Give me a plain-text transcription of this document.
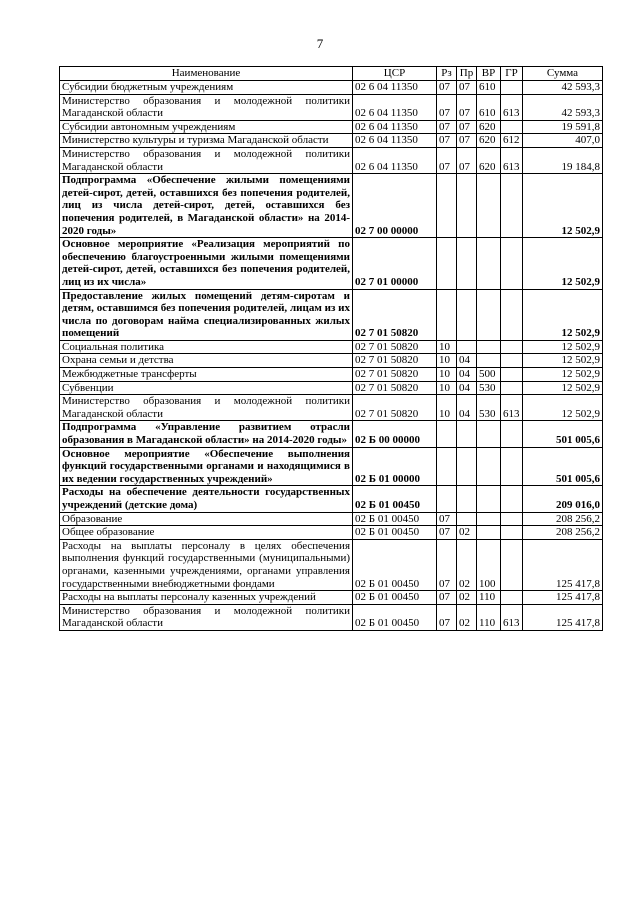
7
Наименование	ЦСР	Рз	Пр	ВР	ГР	Сумма
Субсидии бюджетным учреждениям	02 6 04 11350	07	07	610		42 593,3
Министерство образования и молодежной политики Магаданской области	02 6 04 11350	07	07	610	613	42 593,3
Субсидии автономным учреждениям	02 6 04 11350	07	07	620		19 591,8
Министерство культуры и туризма Магаданской области	02 6 04 11350	07	07	620	612	407,0
Министерство образования и молодежной политики Магаданской области	02 6 04 11350	07	07	620	613	19 184,8
Подпрограмма «Обеспечение жилыми помещениями детей-сирот, детей, оставшихся без попечения родителей, лиц из числа детей-сирот, детей, оставшихся без попечения родителей, в Магаданской области» на 2014-2020 годы»	02 7 00 00000					12 502,9
Основное мероприятие «Реализация мероприятий по обеспечению благоустроенными жилыми помещениями детей-сирот, детей, оставшихся без попечения родителей, лиц из их числа»	02 7 01 00000					12 502,9
Предоставление жилых помещений детям-сиротам и детям, оставшимся без попечения родителей, лицам из их числа по договорам найма специализированных жилых помещений	02 7 01 50820					12 502,9
Социальная политика	02 7 01 50820	10				12 502,9
Охрана семьи и детства	02 7 01 50820	10	04			12 502,9
Межбюджетные трансферты	02 7 01 50820	10	04	500		12 502,9
Субвенции	02 7 01 50820	10	04	530		12 502,9
Министерство образования и молодежной политики Магаданской области	02 7 01 50820	10	04	530	613	12 502,9
Подпрограмма «Управление развитием отрасли образования в Магаданской области» на 2014-2020 годы»	02 Б 00 00000					501 005,6
Основное мероприятие «Обеспечение выполнения функций государственными органами и находящимися в их ведении государственных учреждений»	02 Б 01 00000					501 005,6
Расходы на обеспечение деятельности государственных учреждений (детские дома)	02 Б 01 00450					209 016,0
Образование	02 Б 01 00450	07				208 256,2
Общее образование	02 Б 01 00450	07	02			208 256,2
Расходы на выплаты персоналу в целях обеспечения выполнения функций государственными (муниципальными) органами, казенными учреждениями, органами управления государственными внебюджетными фондами	02 Б 01 00450	07	02	100		125 417,8
Расходы на выплаты персоналу казенных учреждений	02 Б 01 00450	07	02	110		125 417,8
Министерство образования и молодежной политики Магаданской области	02 Б 01 00450	07	02	110	613	125 417,8
